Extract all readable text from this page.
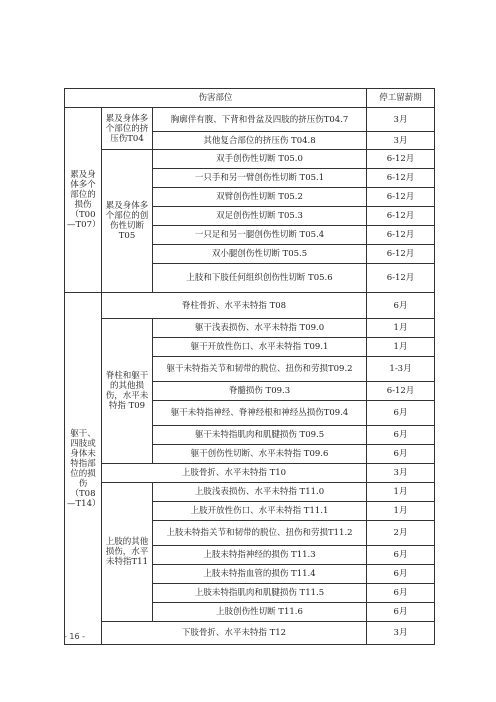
伤害部位			停工留薪期
累及身体多个部位的损伤（T00—T07）	累及身体多个部位的挤压伤T04	胸廓伴有腹、下背和骨盆及四肢的挤压伤T04.7	3月
		其他复合部位的挤压伤 T04.8	3月
	累及身体多个部位的创伤性切断 T05	双手创伤性切断 T05.0	6-12月
		一只手和另一臂创伤性切断 T05.1	6-12月
		双臂创伤性切断 T05.2	6-12月
		双足创伤性切断 T05.3	6-12月
		一只足和另一腿创伤性切断 T05.4	6-12月
		双小腿创伤性切断 T05.5	6-12月
		上肢和下肢任何组织创伤性切断 T05.6	6-12月
躯干、四肢或身体未特指部位的损伤（T08—T14）	脊柱骨折、水平未特指 T08		6月
	脊柱和躯干的其他损伤，水平未特指 T09	躯干浅表损伤、水平未特指 T09.0	1月
		躯干开放性伤口、水平未特指 T09.1	1月
		躯干未特指关节和韧带的脱位、扭伤和劳损T09.2	1-3月
		脊髓损伤 T09.3	6-12月
		躯干未特指神经、脊神经根和神经丛损伤T09.4	6月
		躯干未特指肌肉和肌腱损伤 T09.5	6月
		躯干创伤性切断、水平未特指 T09.6	6月
	上肢骨折、水平未特指 T10		3月
	上肢的其他损伤，水平未特指T11	上肢浅表损伤、水平未特指 T11.0	1月
		上肢开放性伤口、水平未特指 T11.1	1月
		上肢未特指关节和韧带的脱位、扭伤和劳损T11.2	2月
		上肢未特指神经的损伤 T11.3	6月
		上肢未特指血管的损伤 T11.4	6月
		上肢未特指肌肉和肌腱损伤 T11.5	6月
		上肢创伤性切断 T11.6	6月
	下肢骨折、水平未特指 T12		3月
- 16 -
